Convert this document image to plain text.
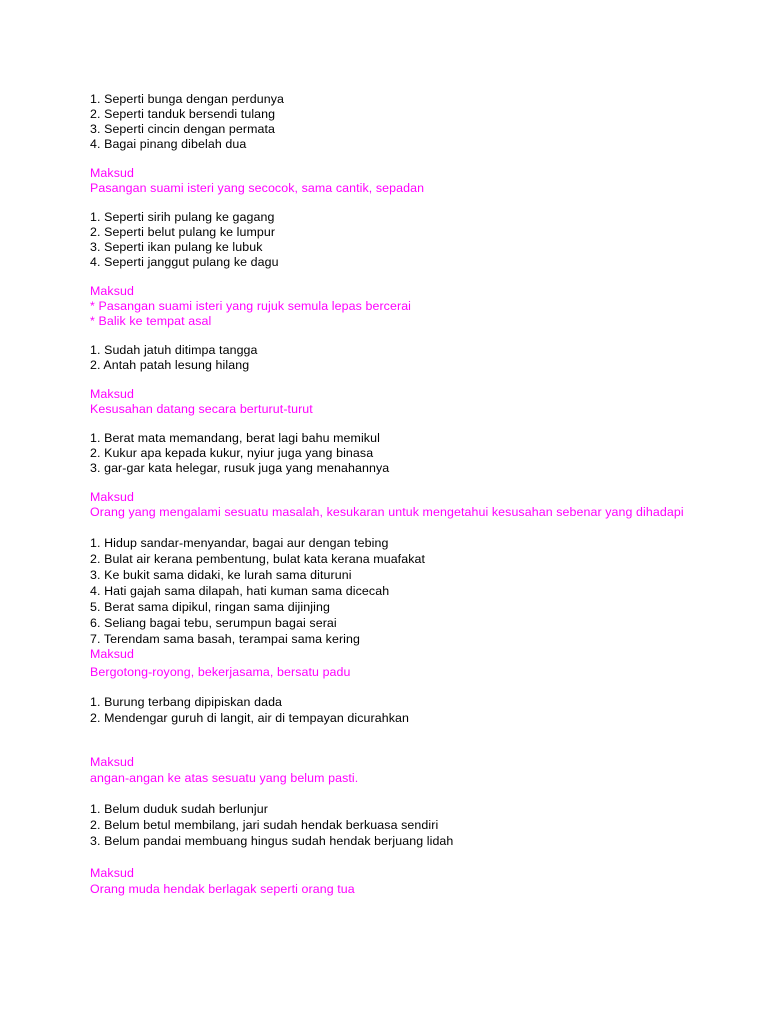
1. Seperti bunga dengan perdunya
2. Seperti tanduk bersendi tulang
3. Seperti cincin dengan permata
4. Bagai pinang dibelah dua
Maksud
Pasangan suami isteri yang secocok, sama cantik, sepadan
1. Seperti sirih pulang ke gagang
2. Seperti belut pulang ke lumpur
3. Seperti ikan pulang ke lubuk
4. Seperti janggut pulang ke dagu
Maksud
* Pasangan suami isteri yang rujuk semula lepas bercerai
* Balik ke tempat asal
1. Sudah jatuh ditimpa tangga
2. Antah patah lesung hilang
Maksud
Kesusahan datang secara berturut-turut
1. Berat mata memandang, berat lagi bahu memikul
2. Kukur apa kepada kukur, nyiur juga yang binasa
3. gar-gar kata helegar, rusuk juga yang menahannya
Maksud
Orang yang mengalami sesuatu masalah, kesukaran untuk mengetahui kesusahan sebenar yang dihadapi
1. Hidup sandar-menyandar, bagai aur dengan tebing
2. Bulat air kerana pembentung, bulat kata kerana muafakat
3. Ke bukit sama didaki, ke lurah sama dituruni
4. Hati gajah sama dilapah, hati kuman sama dicecah
5. Berat sama dipikul, ringan sama dijinjing
6. Seliang bagai tebu, serumpun bagai serai
7. Terendam sama basah, terampai sama kering
Maksud
Bergotong-royong, bekerjasama, bersatu padu
1. Burung terbang dipipiskan dada
2. Mendengar guruh di langit, air di tempayan dicurahkan
Maksud
angan-angan ke atas sesuatu yang belum pasti.
1. Belum duduk sudah berlunjur
2. Belum betul membilang, jari sudah hendak berkuasa sendiri
3. Belum pandai membuang hingus sudah hendak berjuang lidah
Maksud
Orang muda hendak berlagak seperti orang tua
